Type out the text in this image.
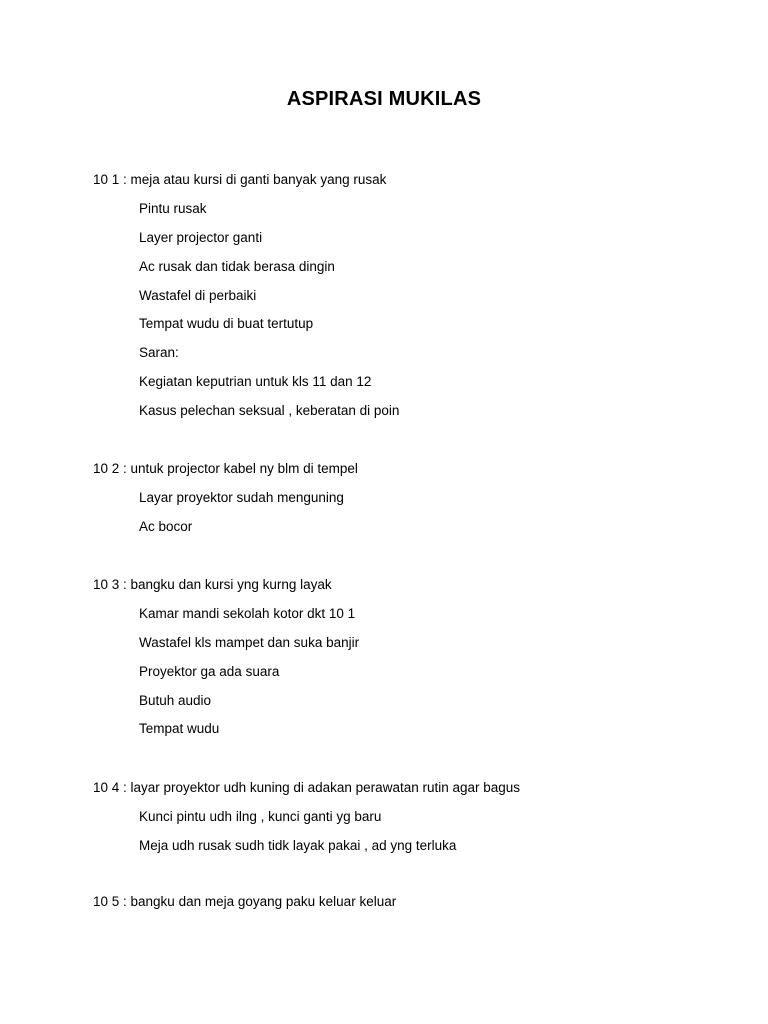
ASPIRASI MUKILAS
10 1 : meja atau kursi di ganti banyak yang rusak
Pintu rusak
Layer projector ganti
Ac rusak dan tidak berasa dingin
Wastafel di perbaiki
Tempat wudu di buat tertutup
Saran:
Kegiatan keputrian untuk kls 11 dan 12
Kasus pelechan seksual , keberatan di poin
10 2 : untuk projector kabel ny blm di tempel
Layar proyektor sudah menguning
Ac bocor
10 3 : bangku dan kursi yng kurng layak
Kamar mandi sekolah kotor dkt 10 1
Wastafel kls mampet dan suka banjir
Proyektor ga ada suara
Butuh audio
Tempat wudu
10 4 : layar proyektor udh kuning di adakan perawatan rutin agar bagus
Kunci pintu udh ilng , kunci ganti yg baru
Meja udh rusak sudh tidk layak pakai , ad yng terluka
10 5 : bangku dan meja goyang paku keluar keluar
